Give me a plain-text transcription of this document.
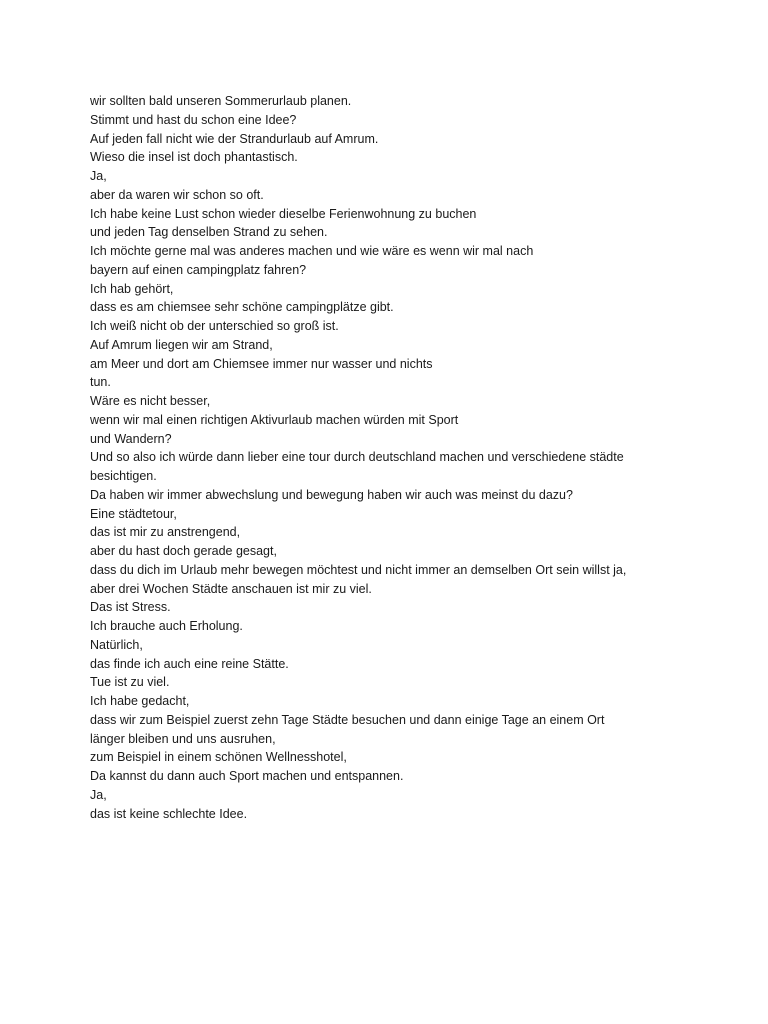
wir sollten bald unseren Sommerurlaub planen.
Stimmt und hast du schon eine Idee?
Auf jeden fall nicht wie der Strandurlaub auf Amrum.
Wieso die insel ist doch phantastisch.
Ja,
aber da waren wir schon so oft.
Ich habe keine Lust schon wieder dieselbe Ferienwohnung zu buchen
und jeden Tag denselben Strand zu sehen.
Ich möchte gerne mal was anderes machen und wie wäre es wenn wir mal nach
bayern auf einen campingplatz fahren?
Ich hab gehört,
dass es am chiemsee sehr schöne campingplätze gibt.
Ich weiß nicht ob der unterschied so groß ist.
Auf Amrum liegen wir am Strand,
am Meer und dort am Chiemsee immer nur wasser und nichts
tun.
Wäre es nicht besser,
wenn wir mal einen richtigen Aktivurlaub machen würden mit Sport
und Wandern?
Und so also ich würde dann lieber eine tour durch deutschland machen und verschiedene städte
besichtigen.
Da haben wir immer abwechslung und bewegung haben wir auch was meinst du dazu?
Eine städtetour,
das ist mir zu anstrengend,
aber du hast doch gerade gesagt,
dass du dich im Urlaub mehr bewegen möchtest und nicht immer an demselben Ort sein willst ja,
aber drei Wochen Städte anschauen ist mir zu viel.
Das ist Stress.
Ich brauche auch Erholung.
Natürlich,
das finde ich auch eine reine Stätte.
Tue ist zu viel.
Ich habe gedacht,
dass wir zum Beispiel zuerst zehn Tage Städte besuchen und dann einige Tage an einem Ort
länger bleiben und uns ausruhen,
zum Beispiel in einem schönen Wellnesshotel,
Da kannst du dann auch Sport machen und entspannen.
Ja,
das ist keine schlechte Idee.
